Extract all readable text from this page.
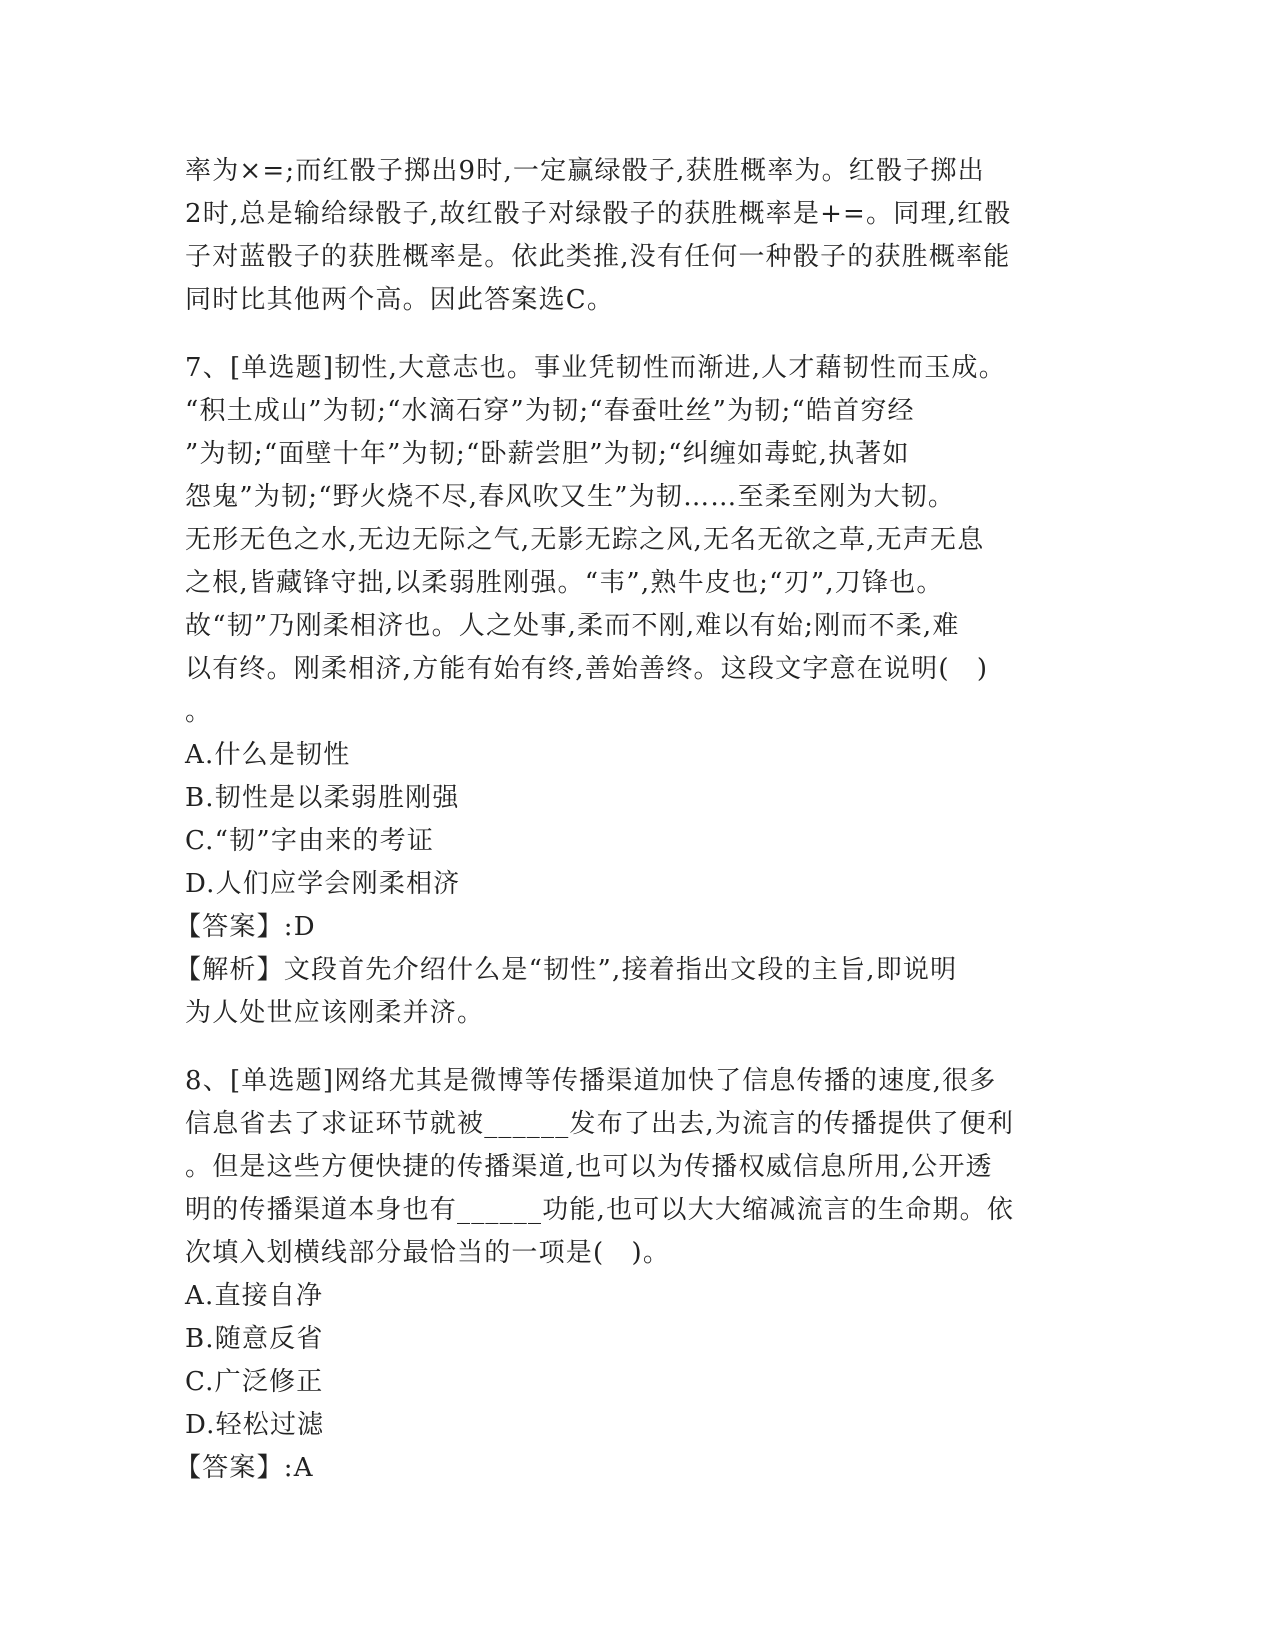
率为×=;而红骰子掷出9时,一定赢绿骰子,获胜概率为。红骰子掷出
2时,总是输给绿骰子,故红骰子对绿骰子的获胜概率是+=。同理,红骰
子对蓝骰子的获胜概率是。依此类推,没有任何一种骰子的获胜概率能
同时比其他两个高。因此答案选C。
7、[单选题]韧性,大意志也。事业凭韧性而渐进,人才藉韧性而玉成。
“积土成山”为韧;“水滴石穿”为韧;“春蚕吐丝”为韧;“皓首穷经
”为韧;“面壁十年”为韧;“卧薪尝胆”为韧;“纠缠如毒蛇,执著如
怨鬼”为韧;“野火烧不尽,春风吹又生”为韧……至柔至刚为大韧。
无形无色之水,无边无际之气,无影无踪之风,无名无欲之草,无声无息
之根,皆藏锋守拙,以柔弱胜刚强。“韦”,熟牛皮也;“刃”,刀锋也。
故“韧”乃刚柔相济也。人之处事,柔而不刚,难以有始;刚而不柔,难
以有终。刚柔相济,方能有始有终,善始善终。这段文字意在说明(　)
。
A.什么是韧性
B.韧性是以柔弱胜刚强
C.“韧”字由来的考证
D.人们应学会刚柔相济
【答案】:D
【解析】文段首先介绍什么是“韧性”,接着指出文段的主旨,即说明
为人处世应该刚柔并济。
8、[单选题]网络尤其是微博等传播渠道加快了信息传播的速度,很多
信息省去了求证环节就被______发布了出去,为流言的传播提供了便利
。但是这些方便快捷的传播渠道,也可以为传播权威信息所用,公开透
明的传播渠道本身也有______功能,也可以大大缩减流言的生命期。依
次填入划横线部分最恰当的一项是(　)。
A.直接自净
B.随意反省
C.广泛修正
D.轻松过滤
【答案】:A
